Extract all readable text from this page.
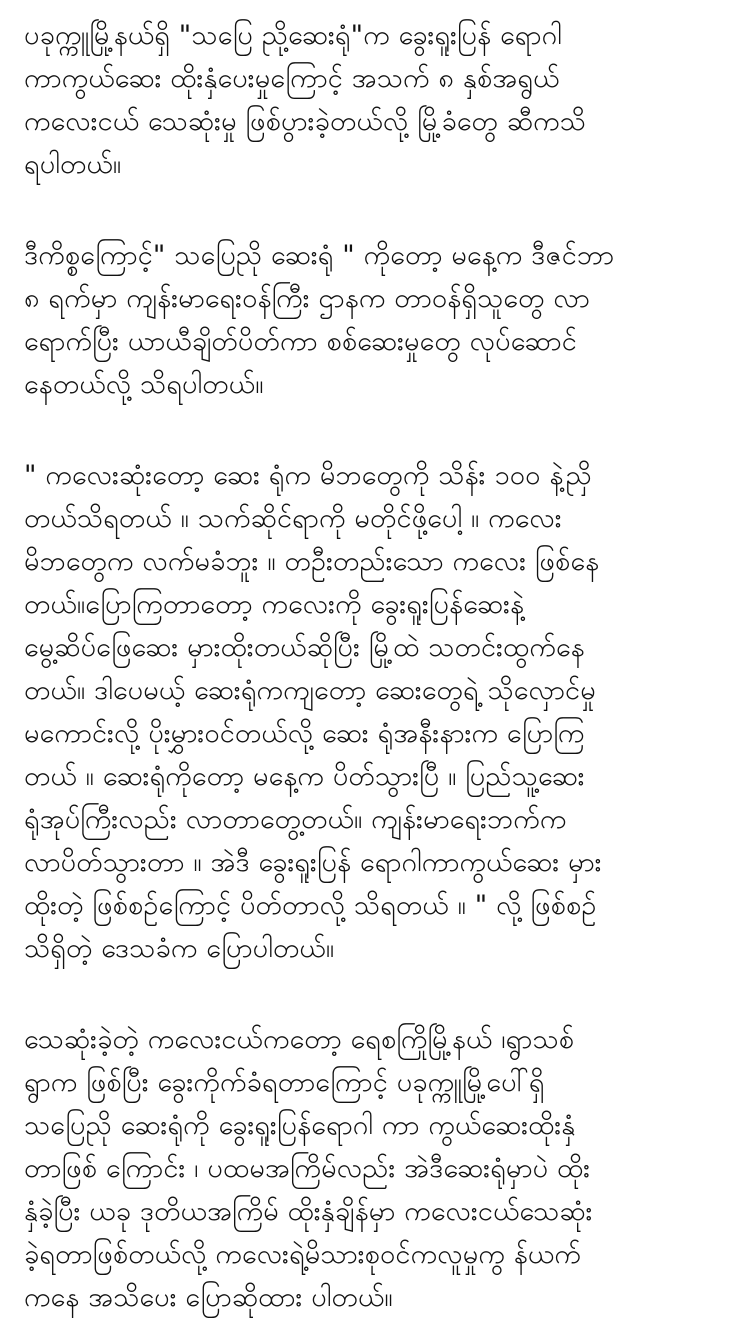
ပခုက္ကူမြို့နယ်ရှိ "သပြေ ညို့ဆေးရုံ"က ခွေးရူးပြန် ရောဂါ
ကာကွယ်ဆေး ထိုးနှံပေးမှုကြောင့် အသက် ၈ နှစ်အရွယ်
ကလေးငယ် သေဆုံးမှု ဖြစ်ပွားခဲ့တယ်လို့ မြို့ခံတွေ ဆီကသိ
ရပါတယ်။

ဒီကိစ္စကြောင့်" သပြေညို ဆေးရုံ " ကိုတော့ မနေ့က ဒီဇင်ဘာ
၈ ရက်မှာ ကျန်းမာရေးဝန်ကြီး ဌာနက တာဝန်ရှိသူတွေ လာ
ရောက်ပြီး ယာယီချိတ်ပိတ်ကာ စစ်ဆေးမှုတွေ လုပ်ဆောင်
နေတယ်လို့ သိရပါတယ်။

" ကလေးဆုံးတော့ ဆေး ရုံက မိဘတွေကို သိန်း ၁၀၀ နဲ့ညှိ
တယ်သိရတယ် ။ သက်ဆိုင်ရာကို မတိုင်ဖို့ပေါ့ ။ ကလေး
မိဘတွေက လက်မခံဘူး ။ တဦးတည်းသော ကလေး ဖြစ်နေ
တယ်။ပြောကြတာတော့ ကလေးကို ခွေးရူးပြန်ဆေးနဲ့
မွေ့ဆိပ်ဖြေဆေး မှားထိုးတယ်ဆိုပြီး မြို့ထဲ သတင်းထွက်နေ
တယ်။ ဒါပေမယ့် ဆေးရုံကကျတော့ ဆေးတွေရဲ့ သိုလှောင်မှု
မကောင်းလို့ ပိုးမွှားဝင်တယ်လို့ ဆေး ရုံအနီးနားက ပြောကြ
တယ် ။ ဆေးရုံကိုတော့ မနေ့က ပိတ်သွားပြီ ။ ပြည်သူ့ဆေး
ရုံအုပ်ကြီးလည်း လာတာတွေ့တယ်။ ကျန်းမာရေးဘက်က
လာပိတ်သွားတာ ။ အဲဒီ ခွေးရူးပြန် ရောဂါကာကွယ်ဆေး မှား
ထိုးတဲ့ ဖြစ်စဉ်ကြောင့် ပိတ်တာလို့ သိရတယ် ။ " လို့ ဖြစ်စဉ်
သိရှိတဲ့ ဒေသခံက ပြောပါတယ်။

သေဆုံးခဲ့တဲ့ ကလေးငယ်ကတော့ ရေစကြိုမြို့နယ် ၊ရွာသစ်
ရွာက ဖြစ်ပြီး ခွေးကိုက်ခံရတာကြောင့် ပခုက္ကူမြို့ပေါ်ရှိ
သပြေညို ဆေးရုံကို ခွေးရူးပြန်ရောဂါ ကာ ကွယ်ဆေးထိုးနှံ
တာဖြစ် ကြောင်း ၊ ပထမအကြိမ်လည်း အဲဒီဆေးရုံမှာပဲ ထိုး
နှံခဲ့ပြီး ယခု ဒုတိယအကြိမ် ထိုးနှံချိန်မှာ ကလေးငယ်သေဆုံး
ခဲ့ရတာဖြစ်တယ်လို့ ကလေးရဲ့မိသားစုဝင်ကလူမှုကွ န်ယက်
ကနေ အသိပေး ပြောဆိုထား ပါတယ်။
